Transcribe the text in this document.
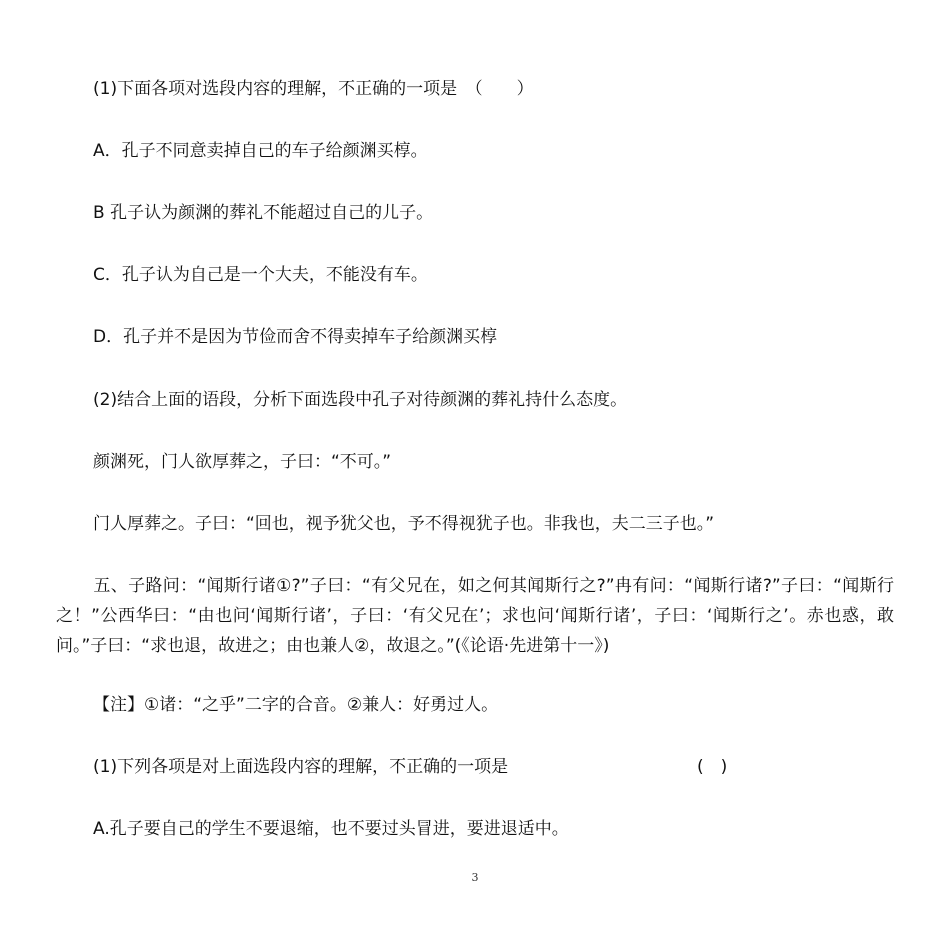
(1)下面各项对选段内容的理解，不正确的一项是　（　　）
A．孔子不同意卖掉自己的车子给颜渊买椁。
B 孔子认为颜渊的葬礼不能超过自己的儿子。
C．孔子认为自己是一个大夫，不能没有车。
D．孔子并不是因为节俭而舍不得卖掉车子给颜渊买椁
(2)结合上面的语段，分析下面选段中孔子对待颜渊的葬礼持什么态度。
颜渊死，门人欲厚葬之，子曰：“不可。”
门人厚葬之。子曰：“回也，视予犹父也，予不得视犹子也。非我也，夫二三子也。”
五、子路问：“闻斯行诸①?”子曰：“有父兄在，如之何其闻斯行之?”冉有问：“闻斯行诸?”子曰：“闻斯行之！”公西华曰：“由也问‘闻斯行诸’，子曰：‘有父兄在’；求也问‘闻斯行诸’，子曰：‘闻斯行之’。赤也惑，敢问。”子曰：“求也退，故进之；由也兼人②，故退之。”(《论语·先进第十一》)
【注】①诸：“之乎”二字的合音。②兼人：好勇过人。
(1)下列各项是对上面选段内容的理解，不正确的一项是	(　)
A.孔子要自己的学生不要退缩，也不要过头冒进，要进退适中。
3
